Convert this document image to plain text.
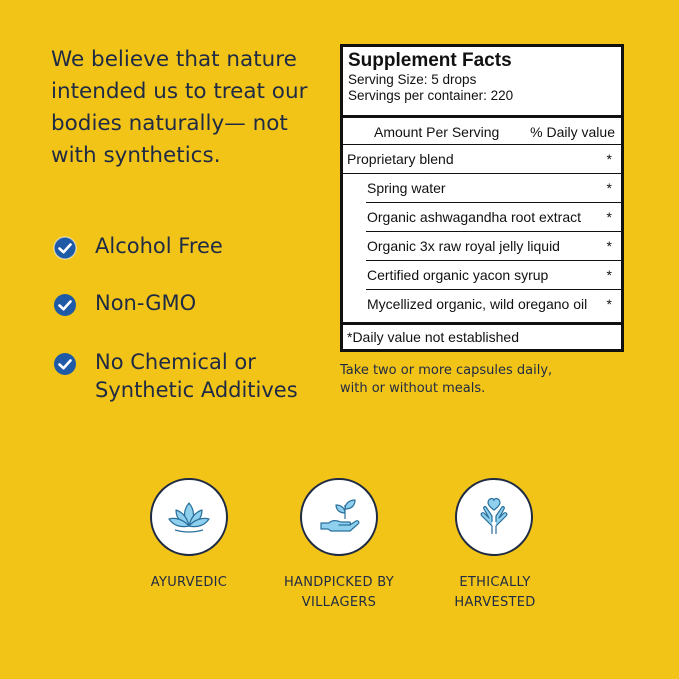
We believe that nature intended us to treat our bodies naturally— not with synthetics.

Alcohol Free
Non-GMO
No Chemical or Synthetic Additives
Supplement Facts
Serving Size: 5 drops
Servings per container: 220
Amount Per Serving % Daily value
Proprietary blend	*
Spring water	*
Organic ashwagandha root extract *
Organic 3x raw royal jelly liquid	*
Certified organic yacon syrup	*
Mycellized organic, wild oregano oil *
*Daily value not established

Take two or more capsules daily, with or without meals.

AYURVEDIC	HANDPICKED BY VILLAGERS
ETHICALLY HARVESTED
